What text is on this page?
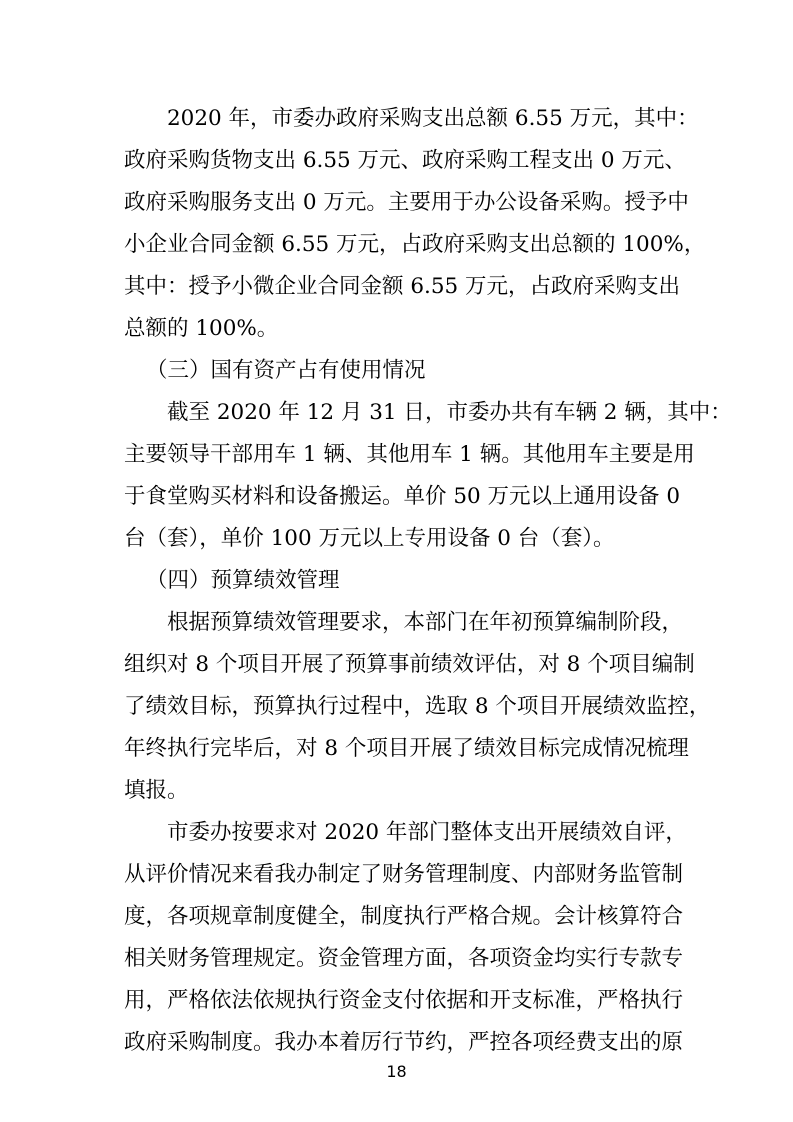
2020 年，市委办政府采购支出总额 6.55 万元，其中：
政府采购货物支出 6.55 万元、政府采购工程支出 0 万元、
政府采购服务支出 0 万元。主要用于办公设备采购。授予中
小企业合同金额 6.55 万元，占政府采购支出总额的 100%，
其中：授予小微企业合同金额 6.55 万元，占政府采购支出
总额的 100%。
（三）国有资产占有使用情况
截至 2020 年 12 月 31 日，市委办共有车辆 2 辆，其中：
主要领导干部用车 1 辆、其他用车 1 辆。其他用车主要是用
于食堂购买材料和设备搬运。单价 50 万元以上通用设备 0
台（套），单价 100 万元以上专用设备 0 台（套）。
（四）预算绩效管理
根据预算绩效管理要求，本部门在年初预算编制阶段，
组织对 8 个项目开展了预算事前绩效评估，对 8 个项目编制
了绩效目标，预算执行过程中，选取 8 个项目开展绩效监控，
年终执行完毕后，对 8 个项目开展了绩效目标完成情况梳理
填报。
市委办按要求对 2020 年部门整体支出开展绩效自评，
从评价情况来看我办制定了财务管理制度、内部财务监管制
度，各项规章制度健全，制度执行严格合规。会计核算符合
相关财务管理规定。资金管理方面，各项资金均实行专款专
用，严格依法依规执行资金支付依据和开支标准，严格执行
政府采购制度。我办本着厉行节约，严控各项经费支出的原
18
